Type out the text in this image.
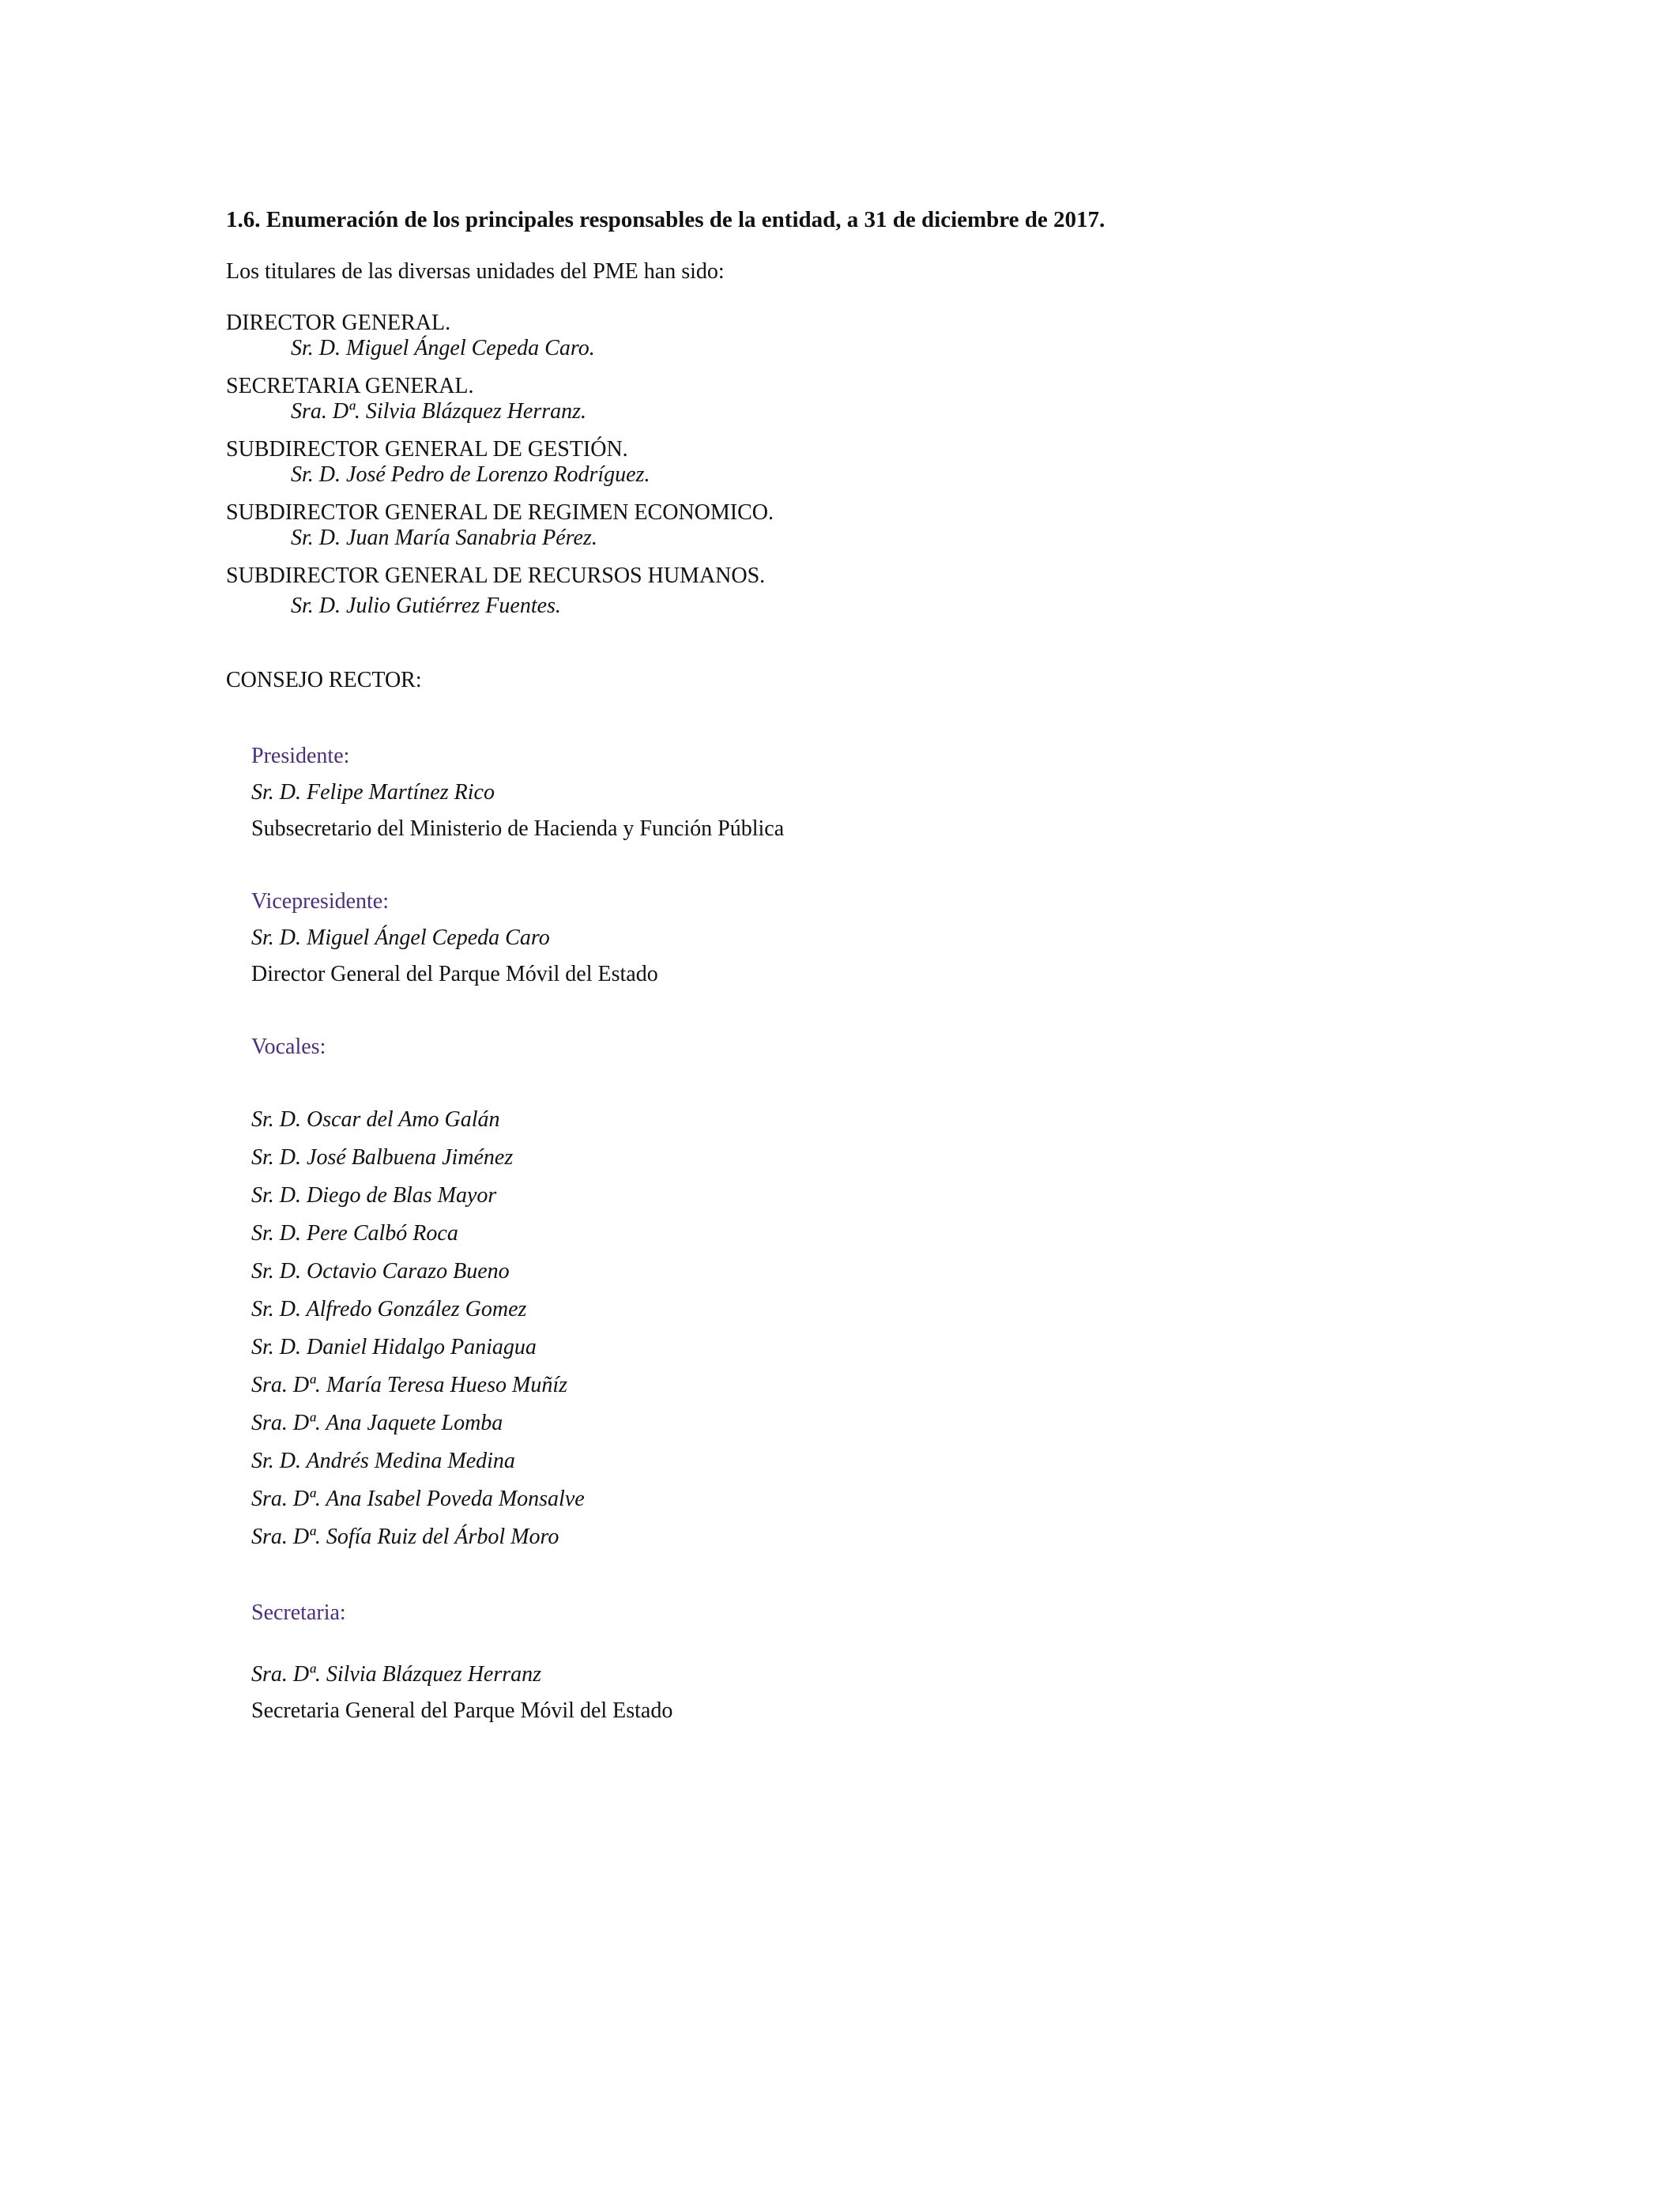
1.6. Enumeración de los principales responsables de la entidad, a 31 de diciembre de 2017.
Los titulares de las diversas unidades del PME han sido:
DIRECTOR GENERAL.
Sr. D. Miguel Ángel Cepeda Caro.
SECRETARIA GENERAL.
Sra. Dª. Silvia Blázquez Herranz.
SUBDIRECTOR GENERAL DE GESTIÓN.
Sr. D. José Pedro de Lorenzo Rodríguez.
SUBDIRECTOR GENERAL DE REGIMEN ECONOMICO.
Sr. D. Juan María Sanabria Pérez.
SUBDIRECTOR GENERAL DE RECURSOS HUMANOS.
Sr. D. Julio Gutiérrez Fuentes.
CONSEJO RECTOR:
Presidente:
Sr. D. Felipe Martínez Rico
Subsecretario del Ministerio de Hacienda y Función Pública
Vicepresidente:
Sr. D. Miguel Ángel Cepeda Caro
Director General del Parque Móvil del Estado
Vocales:
Sr. D. Oscar del Amo Galán
Sr. D. José Balbuena Jiménez
Sr. D. Diego de Blas Mayor
Sr. D. Pere Calbó Roca
Sr. D. Octavio Carazo Bueno
Sr. D. Alfredo González Gomez
Sr. D. Daniel Hidalgo Paniagua
Sra. Dª. María Teresa Hueso Muñíz
Sra. Dª. Ana Jaquete Lomba
Sr. D. Andrés Medina Medina
Sra. Dª. Ana Isabel Poveda Monsalve
Sra. Dª. Sofía Ruiz del Árbol Moro
Secretaria:
Sra. Dª. Silvia Blázquez Herranz
Secretaria General del Parque Móvil del Estado
